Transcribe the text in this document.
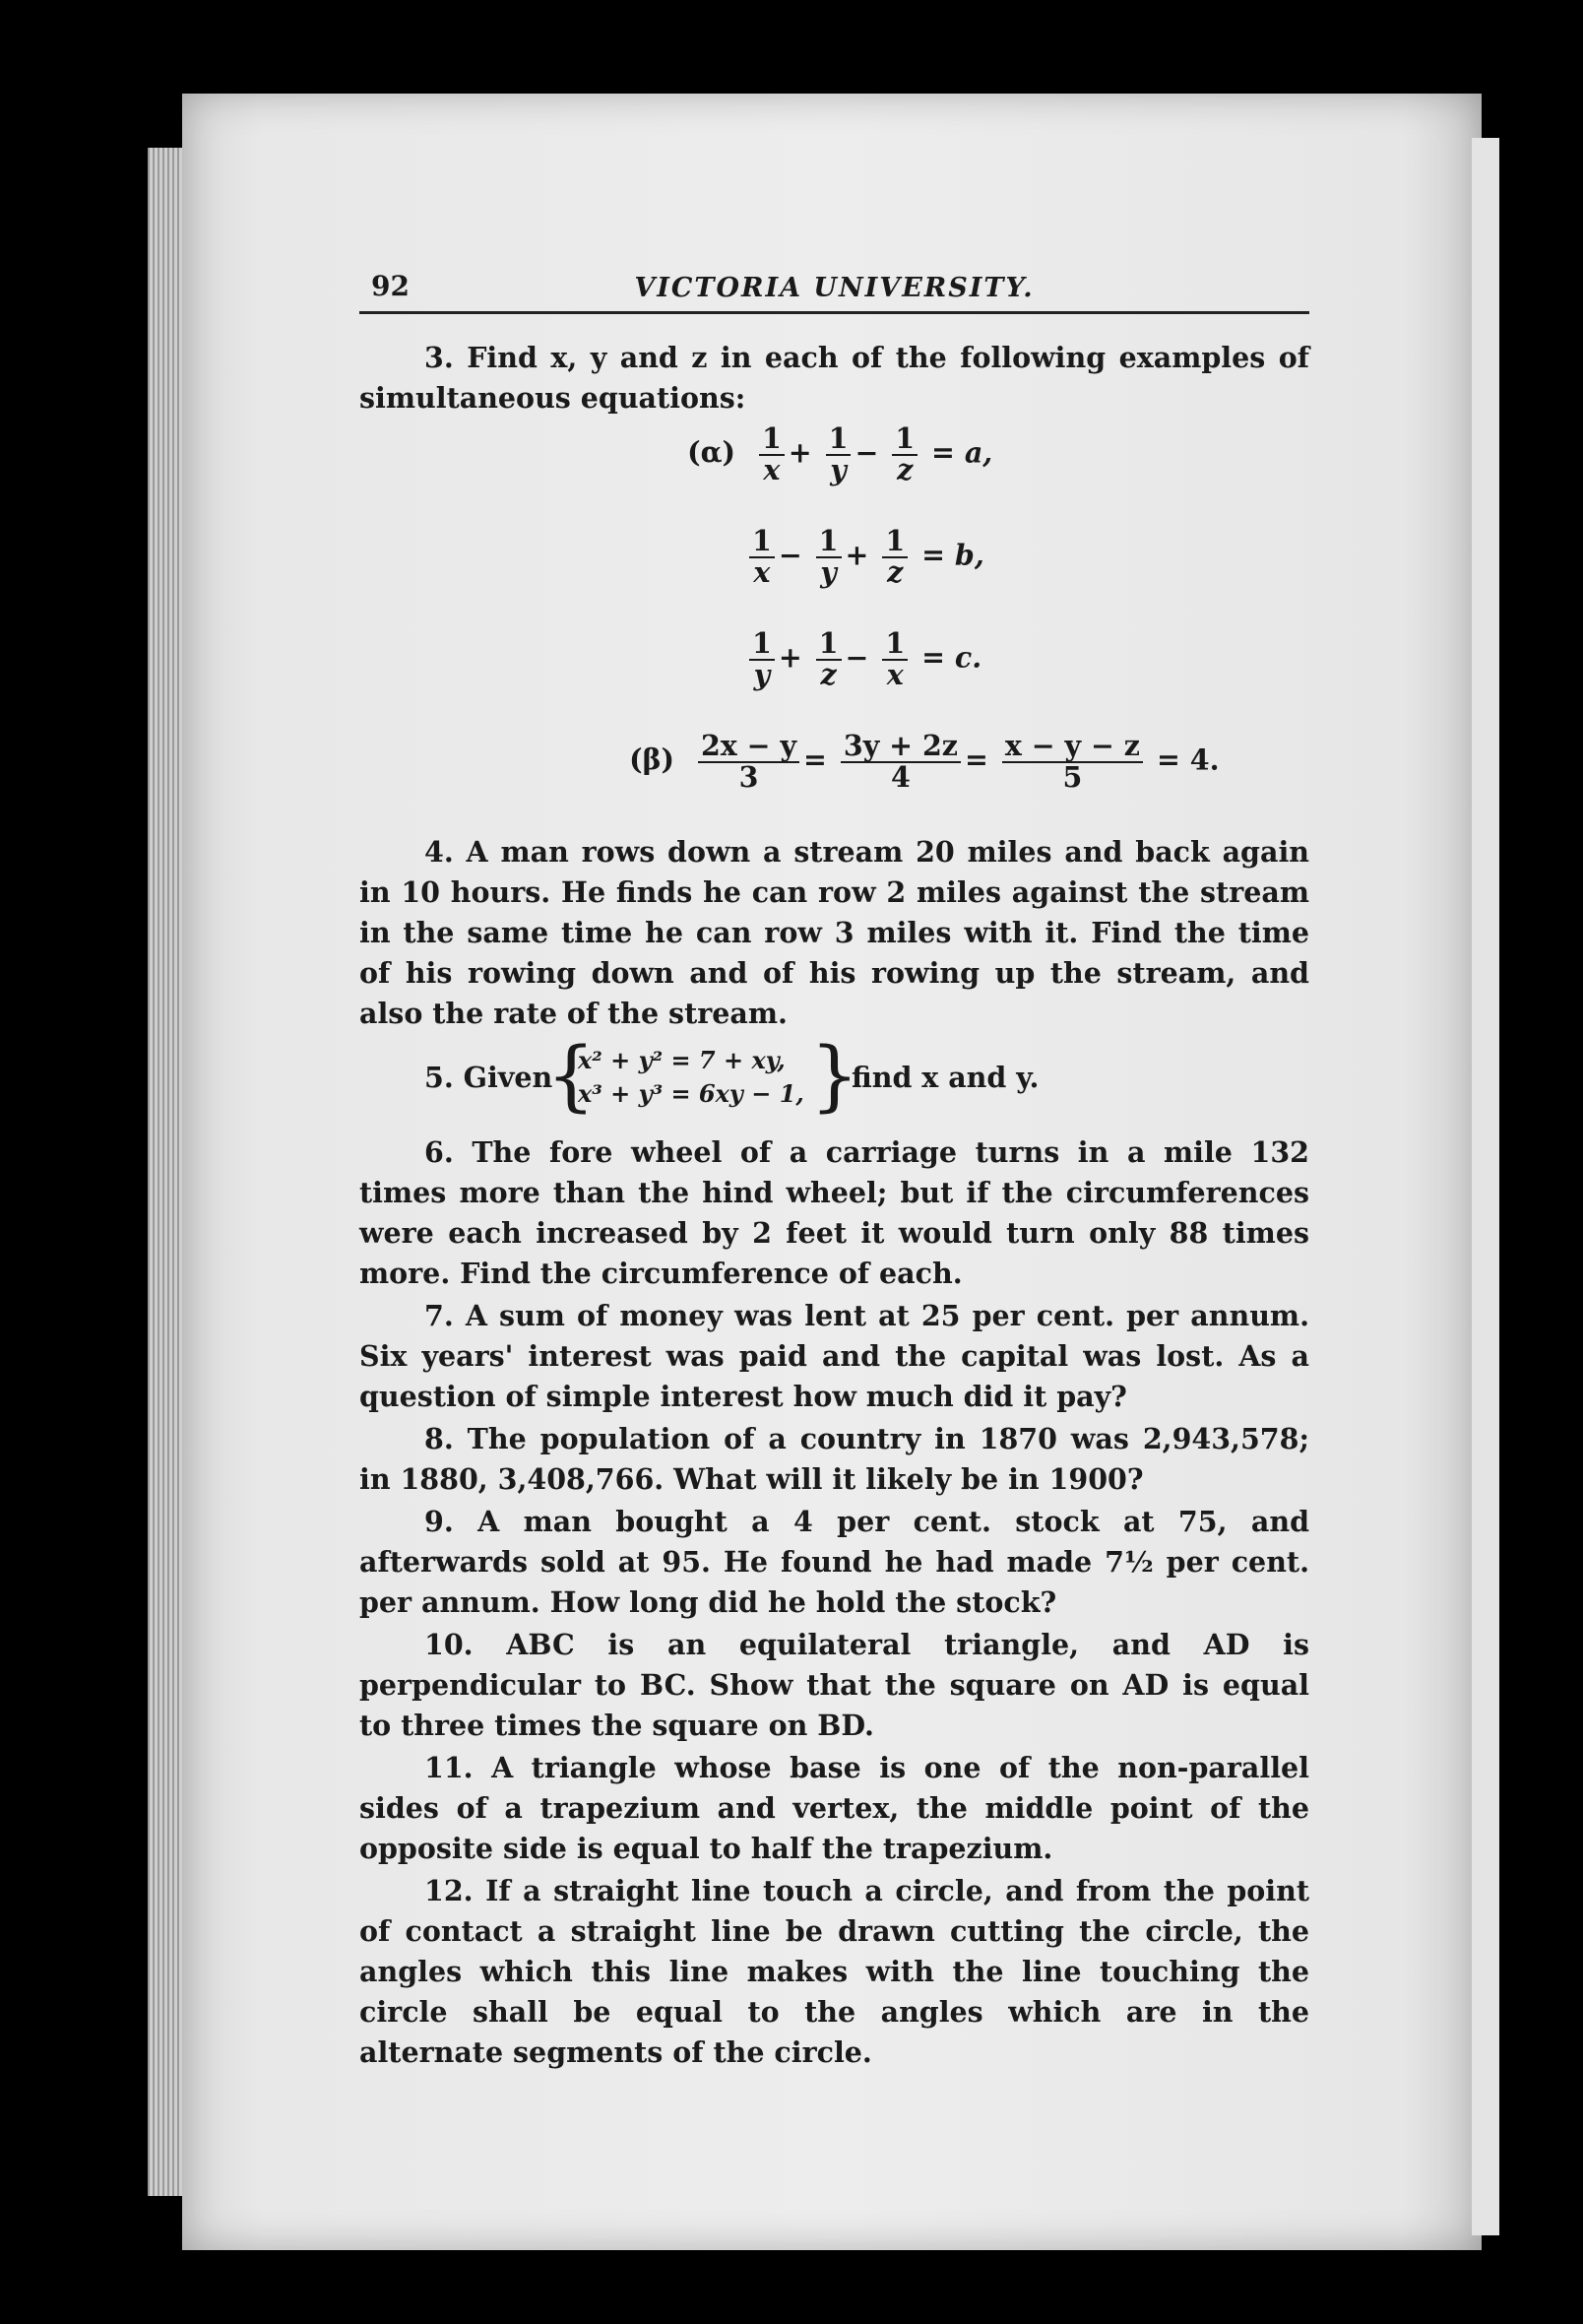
92	VICTORIA UNIVERSITY.

3. Find x, y and z in each of the following examples of simultaneous equations:

$(\alpha) \frac{1}{x} + \frac{1}{y} - \frac{1}{z} = a$,
$\frac{1}{x} - \frac{1}{y} + \frac{1}{z} = b$,
$\frac{1}{y} + \frac{1}{z} - \frac{1}{x} = c$.
$(\beta) \frac{2x - y}{3} = \frac{3y + 2z}{4} = \frac{x - y - z}{5} = 4$.

4. A man rows down a stream 20 miles and back again in 10 hours. He finds he can row 2 miles against the stream in the same time he can row 3 miles with it. Find the time of his rowing down and of his rowing up the stream, and also the rate of the stream.

5. Given
{
x² + y² = 7 + xy,
x³ + y³ = 6xy − 1, }
find x and y.

6. The fore wheel of a carriage turns in a mile 132 times more than the hind wheel; but if the circumferences were each increased by 2 feet it would turn only 88 times more. Find the circumference of each.

7. A sum of money was lent at 25 per cent. per annum. Six years' interest was paid and the capital was lost. As a question of simple interest how much did it pay?

8. The population of a country in 1870 was 2,943,578; in 1880, 3,408,766. What will it likely be in 1900?

9. A man bought a 4 per cent. stock at 75, and afterwards sold at 95. He found he had made 7½ per cent. per annum. How long did he hold the stock?

10. ABC is an equilateral triangle, and AD is perpendicular to BC. Show that the square on AD is equal to three times the square on BD.

11. A triangle whose base is one of the non-parallel sides of a trapezium and vertex, the middle point of the opposite side is equal to half the trapezium.

12. If a straight line touch a circle, and from the point of contact a straight line be drawn cutting the circle, the angles which this line makes with the line touching the circle shall be equal to the angles which are in the alternate segments of the circle.
